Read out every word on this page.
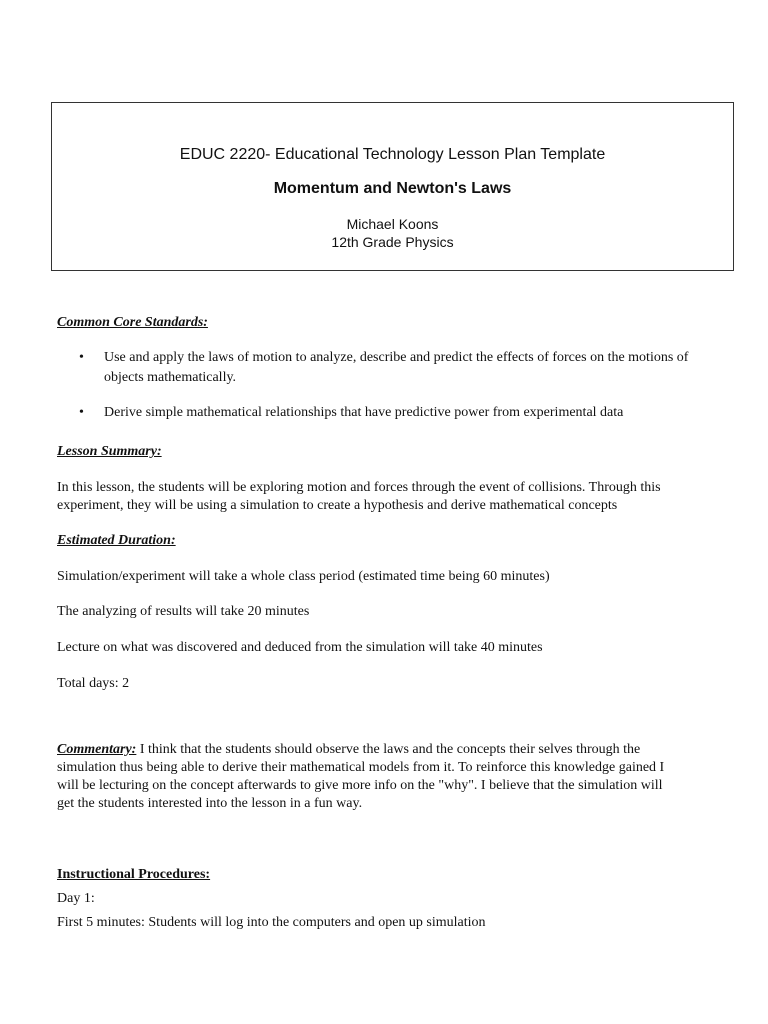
EDUC 2220- Educational Technology Lesson Plan Template
Momentum and Newton's Laws
Michael Koons
12th Grade Physics
Common Core Standards:
• Use and apply the laws of motion to analyze, describe and predict the effects of forces on the motions of objects mathematically.
• Derive simple mathematical relationships that have predictive power from experimental data
Lesson Summary:
In this lesson, the students will be exploring motion and forces through the event of collisions. Through this
experiment, they will be using a simulation to create a hypothesis and derive mathematical concepts
Estimated Duration:
Simulation/experiment will take a whole class period (estimated time being 60 minutes)
The analyzing of results will take 20 minutes
Lecture on what was discovered and deduced from the simulation will take 40 minutes
Total days: 2
Commentary: I think that the students should observe the laws and the concepts their selves through the
simulation thus being able to derive their mathematical models from it. To reinforce this knowledge gained I
will be lecturing on the concept afterwards to give more info on the "why". I believe that the simulation will
get the students interested into the lesson in a fun way.
Instructional Procedures:
Day 1:
First 5 minutes: Students will log into the computers and open up simulation
